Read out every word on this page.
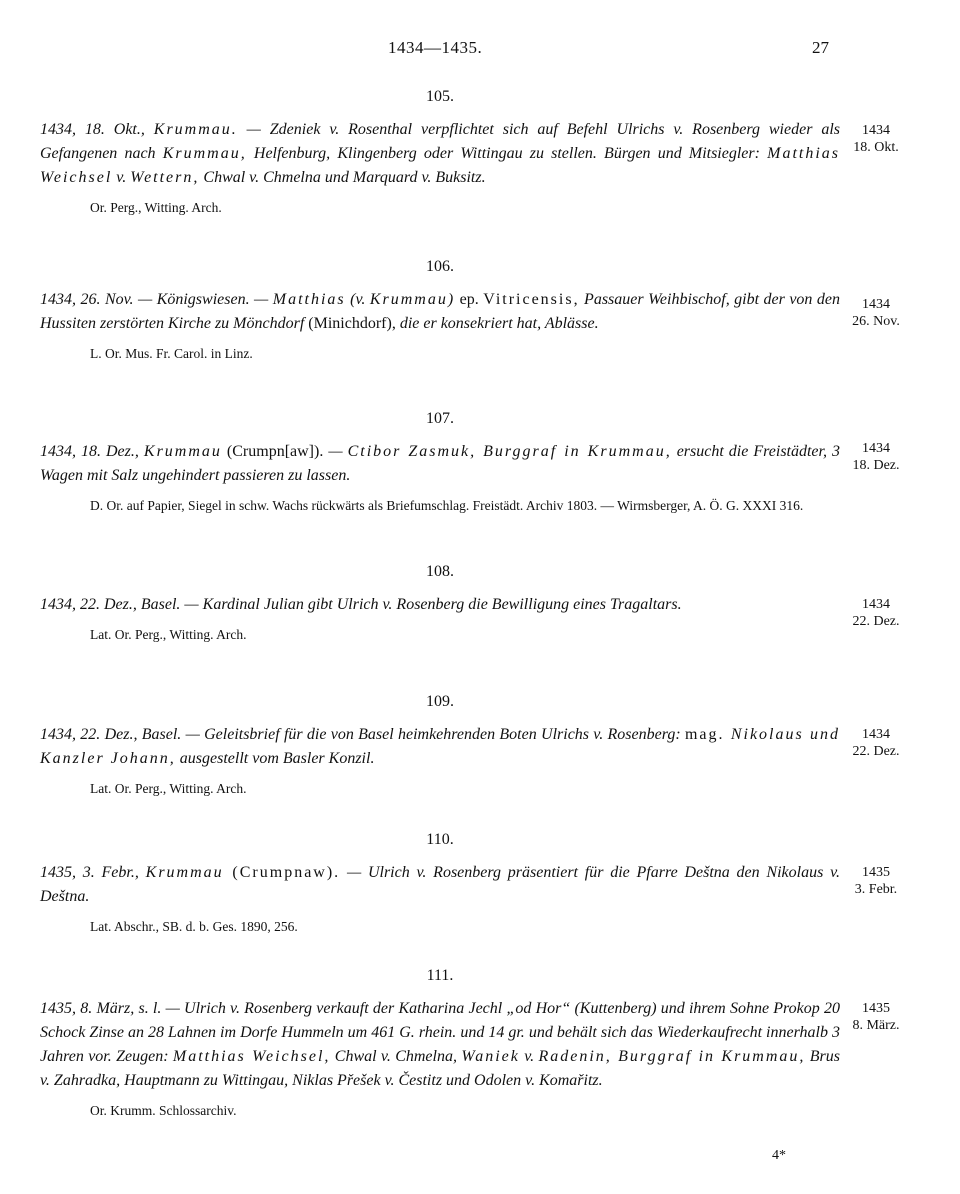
1434—1435.	27
105.

1434, 18. Okt., Krummau. — Zdeniek v. Rosenthal verpflichtet sich auf Befehl Ulrichs v. Rosenberg wieder als Gefangenen nach Krummau, Helfenburg, Klingenberg oder Wittingau zu stellen. Bürgen und Mitsiegler: Matthias Weichsel v. Wettern, Chwal v. Chmelna und Marquard v. Buksitz.

Or. Perg., Witting. Arch.
1434
18. Okt.
106.

1434, 26. Nov. — Königswiesen. — Matthias (v. Krummau) ep. Vitricensis, Passauer Weihbischof, gibt der von den Hussiten zerstörten Kirche zu Mönchdorf (Minichdorf), die er konsekriert hat, Ablässe.

L. Or. Mus. Fr. Carol. in Linz.
1434
26. Nov.
107.

1434, 18. Dez., Krummau (Crumpn[aw]). — Ctibor Zasmuk, Burggraf in Krummau, ersucht die Freistädter, 3 Wagen mit Salz ungehindert passieren zu lassen.

D. Or. auf Papier, Siegel in schw. Wachs rückwärts als Briefumschlag. Freistädt. Archiv 1803. — Wirmsberger, A. Ö. G. XXXI 316.
1434
18. Dez.
108.

1434, 22. Dez., Basel. — Kardinal Julian gibt Ulrich v. Rosenberg die Bewilligung eines Tragaltars.

Lat. Or. Perg., Witting. Arch.
1434
22. Dez.
109.

1434, 22. Dez., Basel. — Geleitsbrief für die von Basel heimkehrenden Boten Ulrichs v. Rosenberg: mag. Nikolaus und Kanzler Johann, ausgestellt vom Basler Konzil.

Lat. Or. Perg., Witting. Arch.
1434
22. Dez.
110.

1435, 3. Febr., Krummau (Crumpnaw). — Ulrich v. Rosenberg präsentiert für die Pfarre Deštna den Nikolaus v. Deštna.

Lat. Abschr., SB. d. b. Ges. 1890, 256.
1435
3. Febr.
111.

1435, 8. März, s. l. — Ulrich v. Rosenberg verkauft der Katharina Jechl „od Hor“ (Kuttenberg) und ihrem Sohne Prokop 20 Schock Zinse an 28 Lahnen im Dorfe Hummeln um 461 G. rhein. und 14 gr. und behält sich das Wiederkaufrecht innerhalb 3 Jahren vor. Zeugen: Matthias Weichsel, Chwal v. Chmelna, Waniek v. Radenin, Burggraf in Krummau, Brus v. Zahradka, Hauptmann zu Wittingau, Niklas Přešek v. Čestitz und Odolen v. Komařitz.

Or. Krumm. Schlossarchiv.
1435
8. März.
4*
